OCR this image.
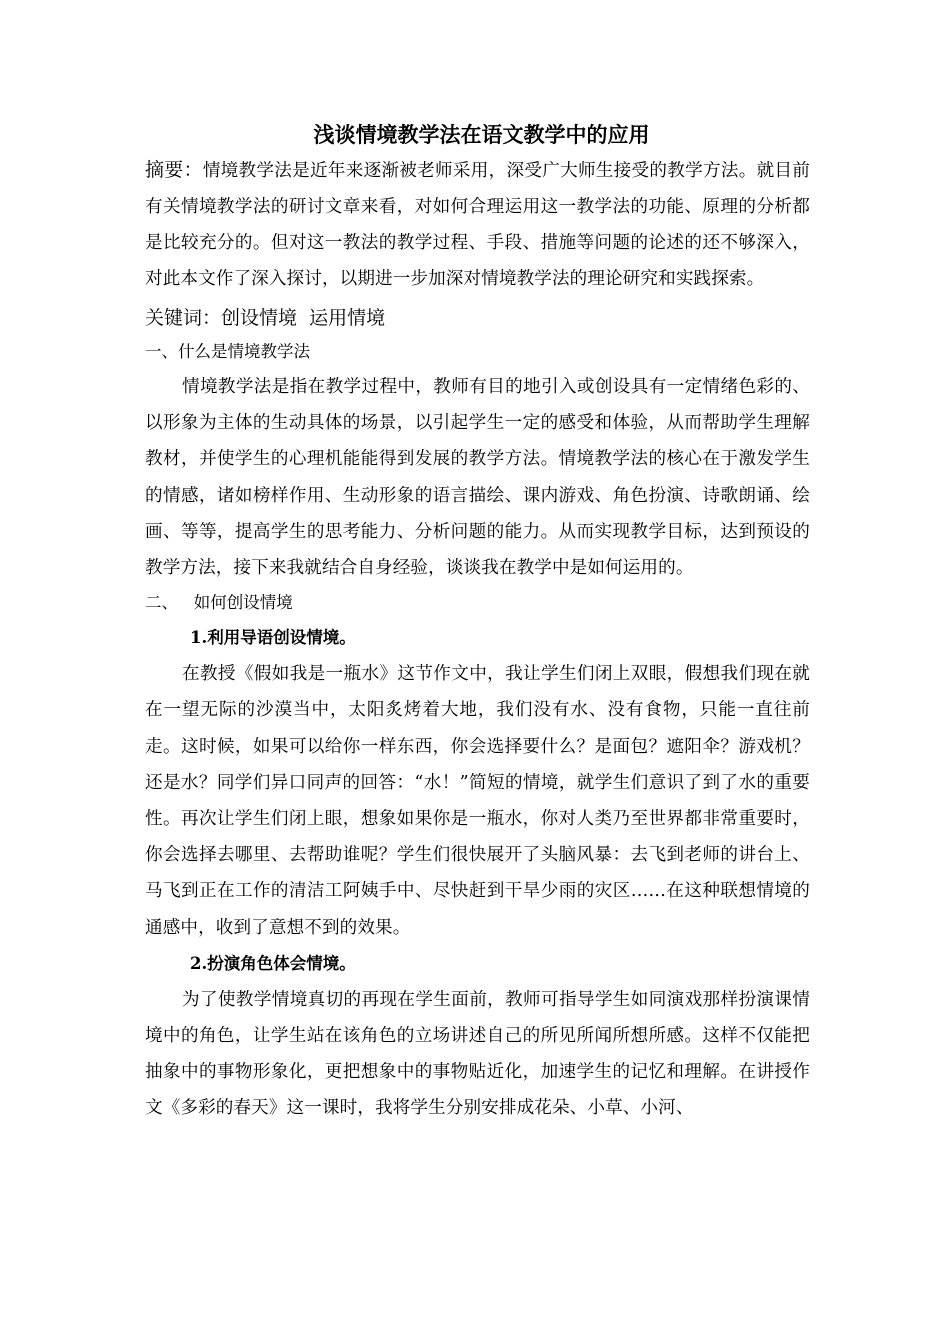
浅谈情境教学法在语文教学中的应用

摘要：情境教学法是近年来逐渐被老师采用，深受广大师生接受的教学方法。就目前有关情境教学法的研讨文章来看，对如何合理运用这一教学法的功能、原理的分析都是比较充分的。但对这一教法的教学过程、手段、措施等问题的论述的还不够深入，对此本文作了深入探讨，以期进一步加深对情境教学法的理论研究和实践探索。

关键词：创设情境  运用情境

一、什么是情境教学法

情境教学法是指在教学过程中，教师有目的地引入或创设具有一定情绪色彩的、以形象为主体的生动具体的场景，以引起学生一定的感受和体验，从而帮助学生理解教材，并使学生的心理机能能得到发展的教学方法。情境教学法的核心在于激发学生的情感，诸如榜样作用、生动形象的语言描绘、课内游戏、角色扮演、诗歌朗诵、绘画、等等，提高学生的思考能力、分析问题的能力。从而实现教学目标，达到预设的教学方法，接下来我就结合自身经验，谈谈我在教学中是如何运用的。

二、   如何创设情境

1.利用导语创设情境。

在教授《假如我是一瓶水》这节作文中，我让学生们闭上双眼，假想我们现在就在一望无际的沙漠当中，太阳炙烤着大地，我们没有水、没有食物，只能一直往前走。这时候，如果可以给你一样东西，你会选择要什么？是面包？遮阳伞？游戏机？还是水？同学们异口同声的回答：“水！”简短的情境，就学生们意识了到了水的重要性。再次让学生们闭上眼，想象如果你是一瓶水，你对人类乃至世界都非常重要时，你会选择去哪里、去帮助谁呢？学生们很快展开了头脑风暴：去飞到老师的讲台上、马飞到正在工作的清洁工阿姨手中、尽快赶到干旱少雨的灾区……在这种联想情境的通感中，收到了意想不到的效果。

2.扮演角色体会情境。

为了使教学情境真切的再现在学生面前，教师可指导学生如同演戏那样扮演课情境中的角色，让学生站在该角色的立场讲述自己的所见所闻所想所感。这样不仅能把抽象中的事物形象化，更把想象中的事物贴近化，加速学生的记忆和理解。在讲授作文《多彩的春天》这一课时，我将学生分别安排成花朵、小草、小河、
